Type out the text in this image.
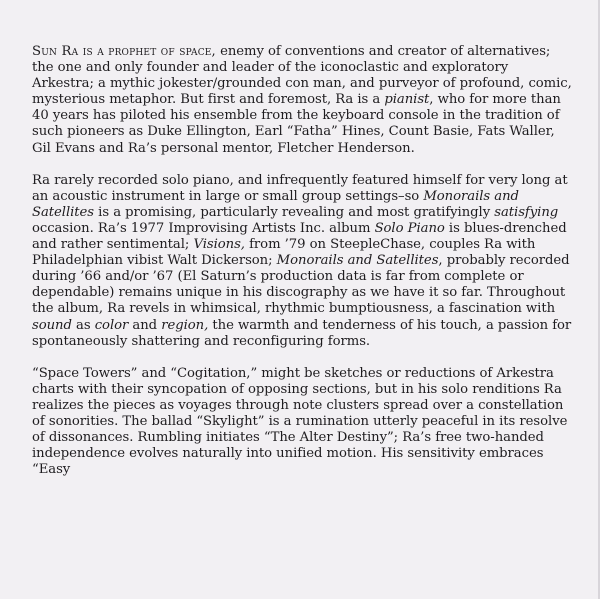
Sun Ra is a prophet of space, enemy of conventions and creator of alternatives; the one and only founder and leader of the iconoclastic and exploratory Arkestra; a mythic jokester/grounded con man, and purveyor of profound, comic, mysterious metaphor. But first and foremost, Ra is a pianist, who for more than 40 years has piloted his ensemble from the keyboard console in the tradition of such pioneers as Duke Ellington, Earl “Fatha” Hines, Count Basie, Fats Waller, Gil Evans and Ra’s personal mentor, Fletcher Henderson.

Ra rarely recorded solo piano, and infrequently featured himself for very long at an acoustic instrument in large or small group settings–so Monorails and Satellites is a promising, particularly revealing and most gratifyingly satisfying occasion. Ra’s 1977 Improvising Artists Inc. album Solo Piano is blues-drenched and rather sentimental; Visions, from ’79 on SteepleChase, couples Ra with Philadelphian vibist Walt Dickerson; Monorails and Satellites, probably recorded during ’66 and/or ’67 (El Saturn’s production data is far from complete or dependable) remains unique in his discography as we have it so far. Throughout the album, Ra revels in whimsical, rhythmic bumptiousness, a fascination with sound as color and region, the warmth and tenderness of his touch, a passion for spontaneously shattering and reconfiguring forms.

“Space Towers” and “Cogitation,” might be sketches or reductions of Arkestra charts with their syncopation of opposing sections, but in his solo renditions Ra realizes the pieces as voyages through note clusters spread over a constellation of sonorities. The ballad “Skylight” is a rumination utterly peaceful in its resolve of dissonances. Rumbling initiates “The Alter Destiny”; Ra’s free two-handed independence evolves naturally into unified motion. His sensitivity embraces “Easy
